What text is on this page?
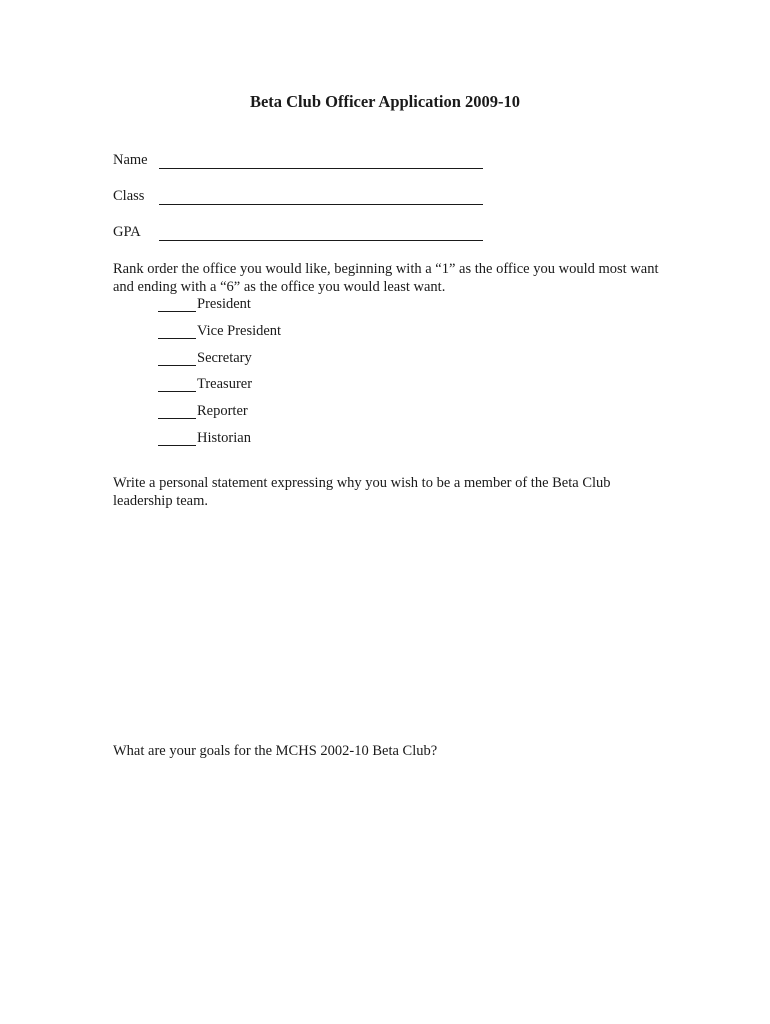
Beta Club Officer Application 2009-10
Name
Class
GPA
Rank order the office you would like, beginning with a “1” as the office you would most want and ending with a “6” as the office you would least want.
President
Vice President
Secretary
Treasurer
Reporter
Historian
Write a personal statement expressing why you wish to be a member of the Beta Club leadership team.
What are your goals for the MCHS 2002-10 Beta Club?
